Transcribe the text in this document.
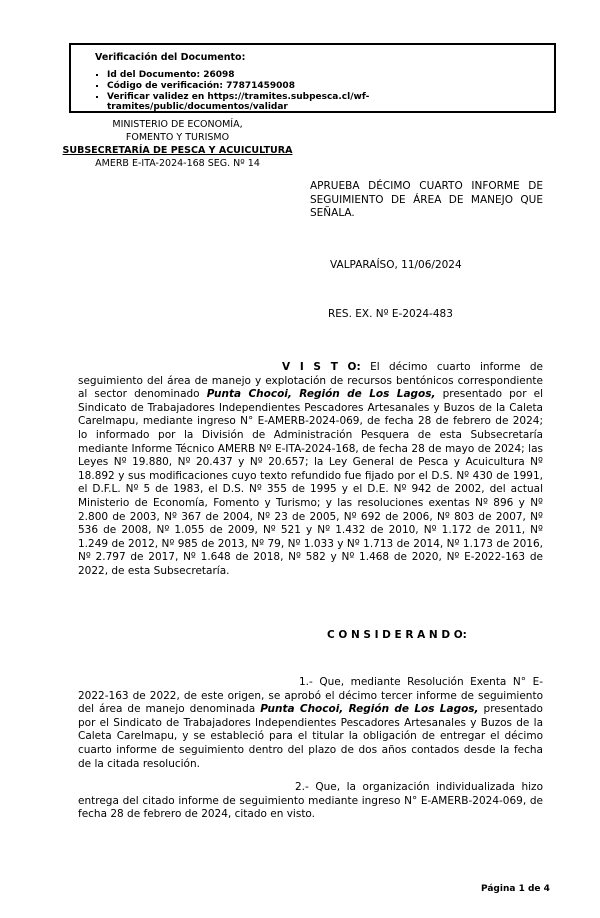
Verificación del Documento:
▪ Id del Documento: 26098
▪ Código de verificación: 77871459008
▪ Verificar validez en https://tramites.subpesca.cl/wf-tramites/public/documentos/validar
MINISTERIO DE ECONOMÍA,
FOMENTO Y TURISMO
SUBSECRETARÍA DE PESCA Y ACUICULTURA
AMERB E-ITA-2024-168 SEG. Nº 14
APRUEBA DÉCIMO CUARTO INFORME DE SEGUIMIENTO DE ÁREA DE MANEJO QUE SEÑALA.
VALPARAÍSO, 11/06/2024
RES. EX. Nº E-2024-483

V I S T O: El décimo cuarto informe de seguimiento del área de manejo y explotación de recursos bentónicos correspondiente al sector denominado Punta Chocoi, Región de Los Lagos, presentado por el Sindicato de Trabajadores Independientes Pescadores Artesanales y Buzos de la Caleta Carelmapu, mediante ingreso N° E-AMERB-2024-069, de fecha 28 de febrero de 2024; lo informado por la División de Administración Pesquera de esta Subsecretaría mediante Informe Técnico AMERB Nº E-ITA-2024-168, de fecha 28 de mayo de 2024; las Leyes Nº 19.880, Nº 20.437 y Nº 20.657; la Ley General de Pesca y Acuicultura Nº 18.892 y sus modificaciones cuyo texto refundido fue fijado por el D.S. Nº 430 de 1991, el D.F.L. Nº 5 de 1983, el D.S. Nº 355 de 1995 y el D.E. Nº 942 de 2002, del actual Ministerio de Economía, Fomento y Turismo; y las resoluciones exentas Nº 896 y Nº 2.800 de 2003, Nº 367 de 2004, Nº 23 de 2005, Nº 692 de 2006, Nº 803 de 2007, Nº 536 de 2008, Nº 1.055 de 2009, Nº 521 y Nº 1.432 de 2010, Nº 1.172 de 2011, Nº 1.249 de 2012, Nº 985 de 2013, Nº 79, Nº 1.033 y Nº 1.713 de 2014, Nº 1.173 de 2016, Nº 2.797 de 2017, Nº 1.648 de 2018, Nº 582 y Nº 1.468 de 2020, Nº E-2022-163 de 2022, de esta Subsecretaría.

C O N S I D E R A N D O:

1.- Que, mediante Resolución Exenta N° E-2022-163 de 2022, de este origen, se aprobó el décimo tercer informe de seguimiento del área de manejo denominada Punta Chocoi, Región de Los Lagos, presentado por el Sindicato de Trabajadores Independientes Pescadores Artesanales y Buzos de la Caleta Carelmapu, y se estableció para el titular la obligación de entregar el décimo cuarto informe de seguimiento dentro del plazo de dos años contados desde la fecha de la citada resolución.

2.- Que, la organización individualizada hizo entrega del citado informe de seguimiento mediante ingreso N° E-AMERB-2024-069, de fecha 28 de febrero de 2024, citado en visto.

Página 1 de 4
